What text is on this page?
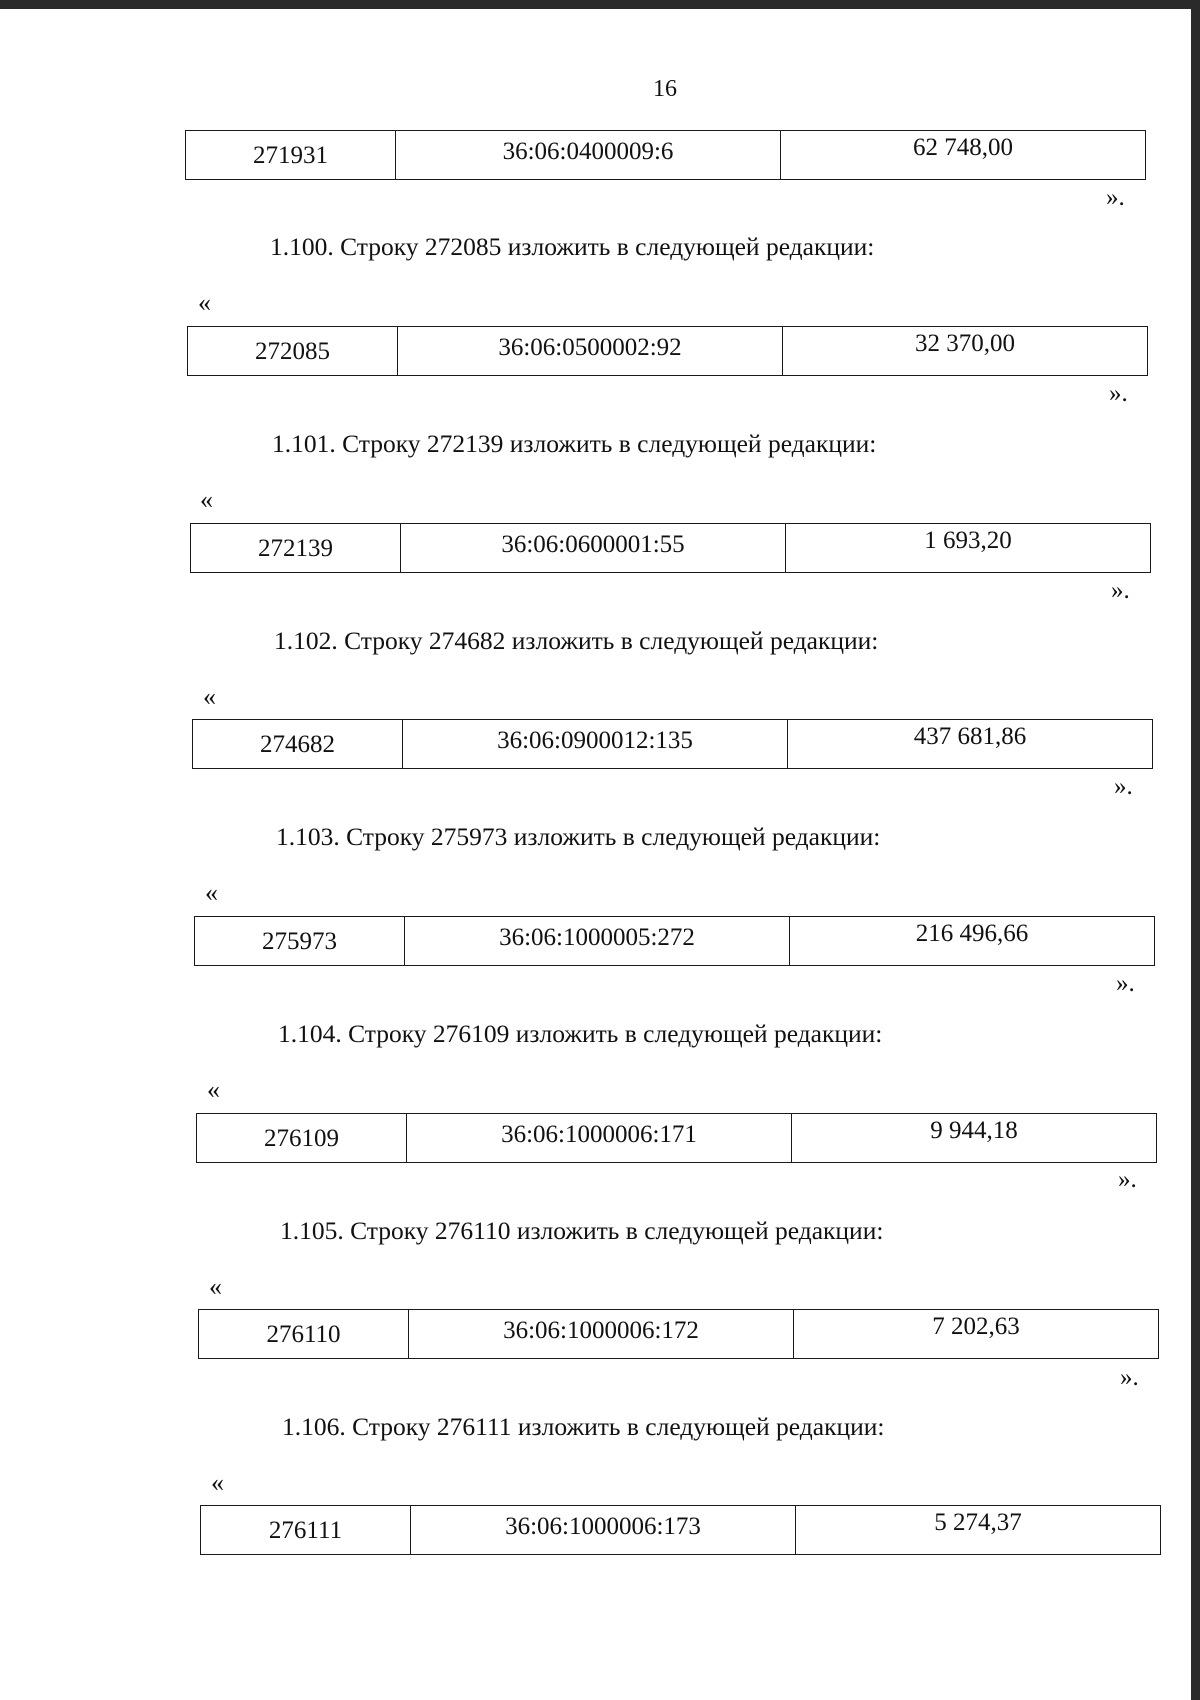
16
271931	36:06:0400009:6	62 748,00
».
1.100. Строку 272085 изложить в следующей редакции:
«
272085	36:06:0500002:92	32 370,00
».
1.101. Строку 272139 изложить в следующей редакции:
«
272139	36:06:0600001:55	1 693,20
».
1.102. Строку 274682 изложить в следующей редакции:
«
274682	36:06:0900012:135	437 681,86
».
1.103. Строку 275973 изложить в следующей редакции:
«
275973	36:06:1000005:272	216 496,66
».
1.104. Строку 276109 изложить в следующей редакции:
«
276109	36:06:1000006:171	9 944,18
».
1.105. Строку 276110 изложить в следующей редакции:
«
276110	36:06:1000006:172	7 202,63
».
1.106. Строку 276111 изложить в следующей редакции:
«
276111	36:06:1000006:173	5 274,37
